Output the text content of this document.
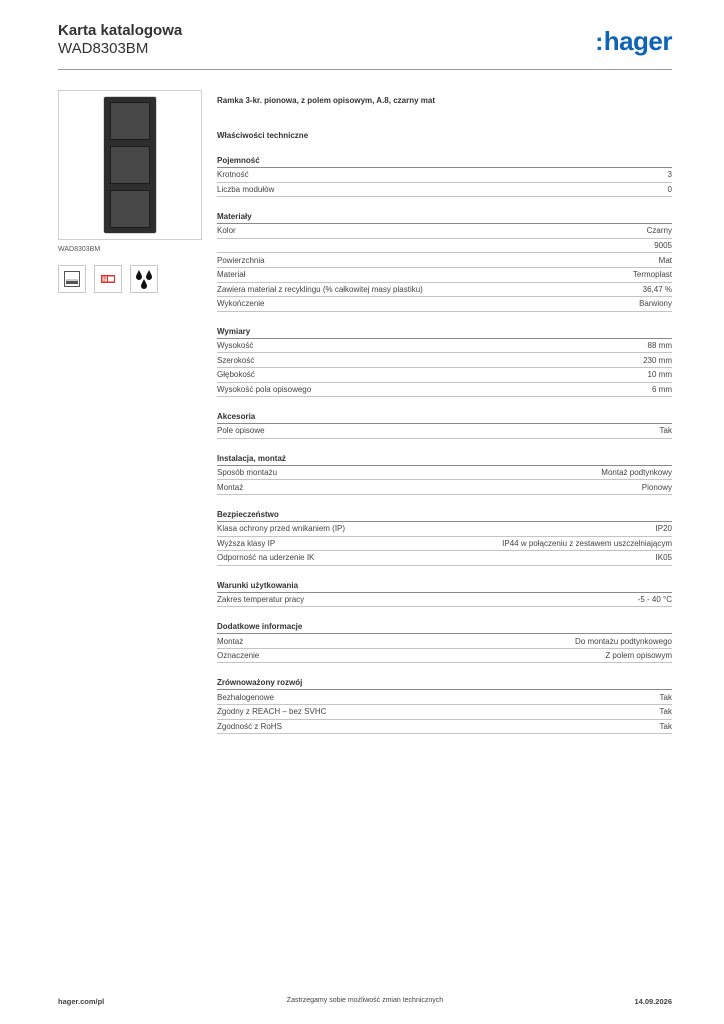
Karta katalogowa
WAD8303BM	:hager
WAD8303BM
Ramka 3-kr. pionowa, z polem opisowym, A.8, czarny mat
Właściwości techniczne
Pojemność
Krotność	3
Liczba modułów	0
Materiały
Kolor	Czarny
9005
Powierzchnia	Mat
Materiał	Termoplast
Zawiera materiał z recyklingu (% całkowitej masy plastiku)	36,47 %
Wykończenie	Barwiony
Wymiary
Wysokość	88 mm
Szerokość	230 mm
Głębokość	10 mm
Wysokość pola opisowego	6 mm
Akcesoria
Pole opisowe	Tak
Instalacja, montaż
Sposób montażu	Montaż podtynkowy
Montaż	Pionowy
Bezpieczeństwo
Klasa ochrony przed wnikaniem (IP)	IP20
Wyższa klasy IP	IP44 w połączeniu z zestawem uszczelniającym
Odporność na uderzenie IK	IK05
Warunki użytkowania
Zakres temperatur pracy	-5 - 40 °C
Dodatkowe informacje
Montaż	Do montażu podtynkowego
Oznaczenie	Z polem opisowym
Zrównoważony rozwój
Bezhalogenowe	Tak
Zgodny z REACH – bez SVHC	Tak
Zgodność z RoHS	Tak
hager.com/pl	Zastrzegamy sobie możliwość zmian technicznych	14.09.2026
